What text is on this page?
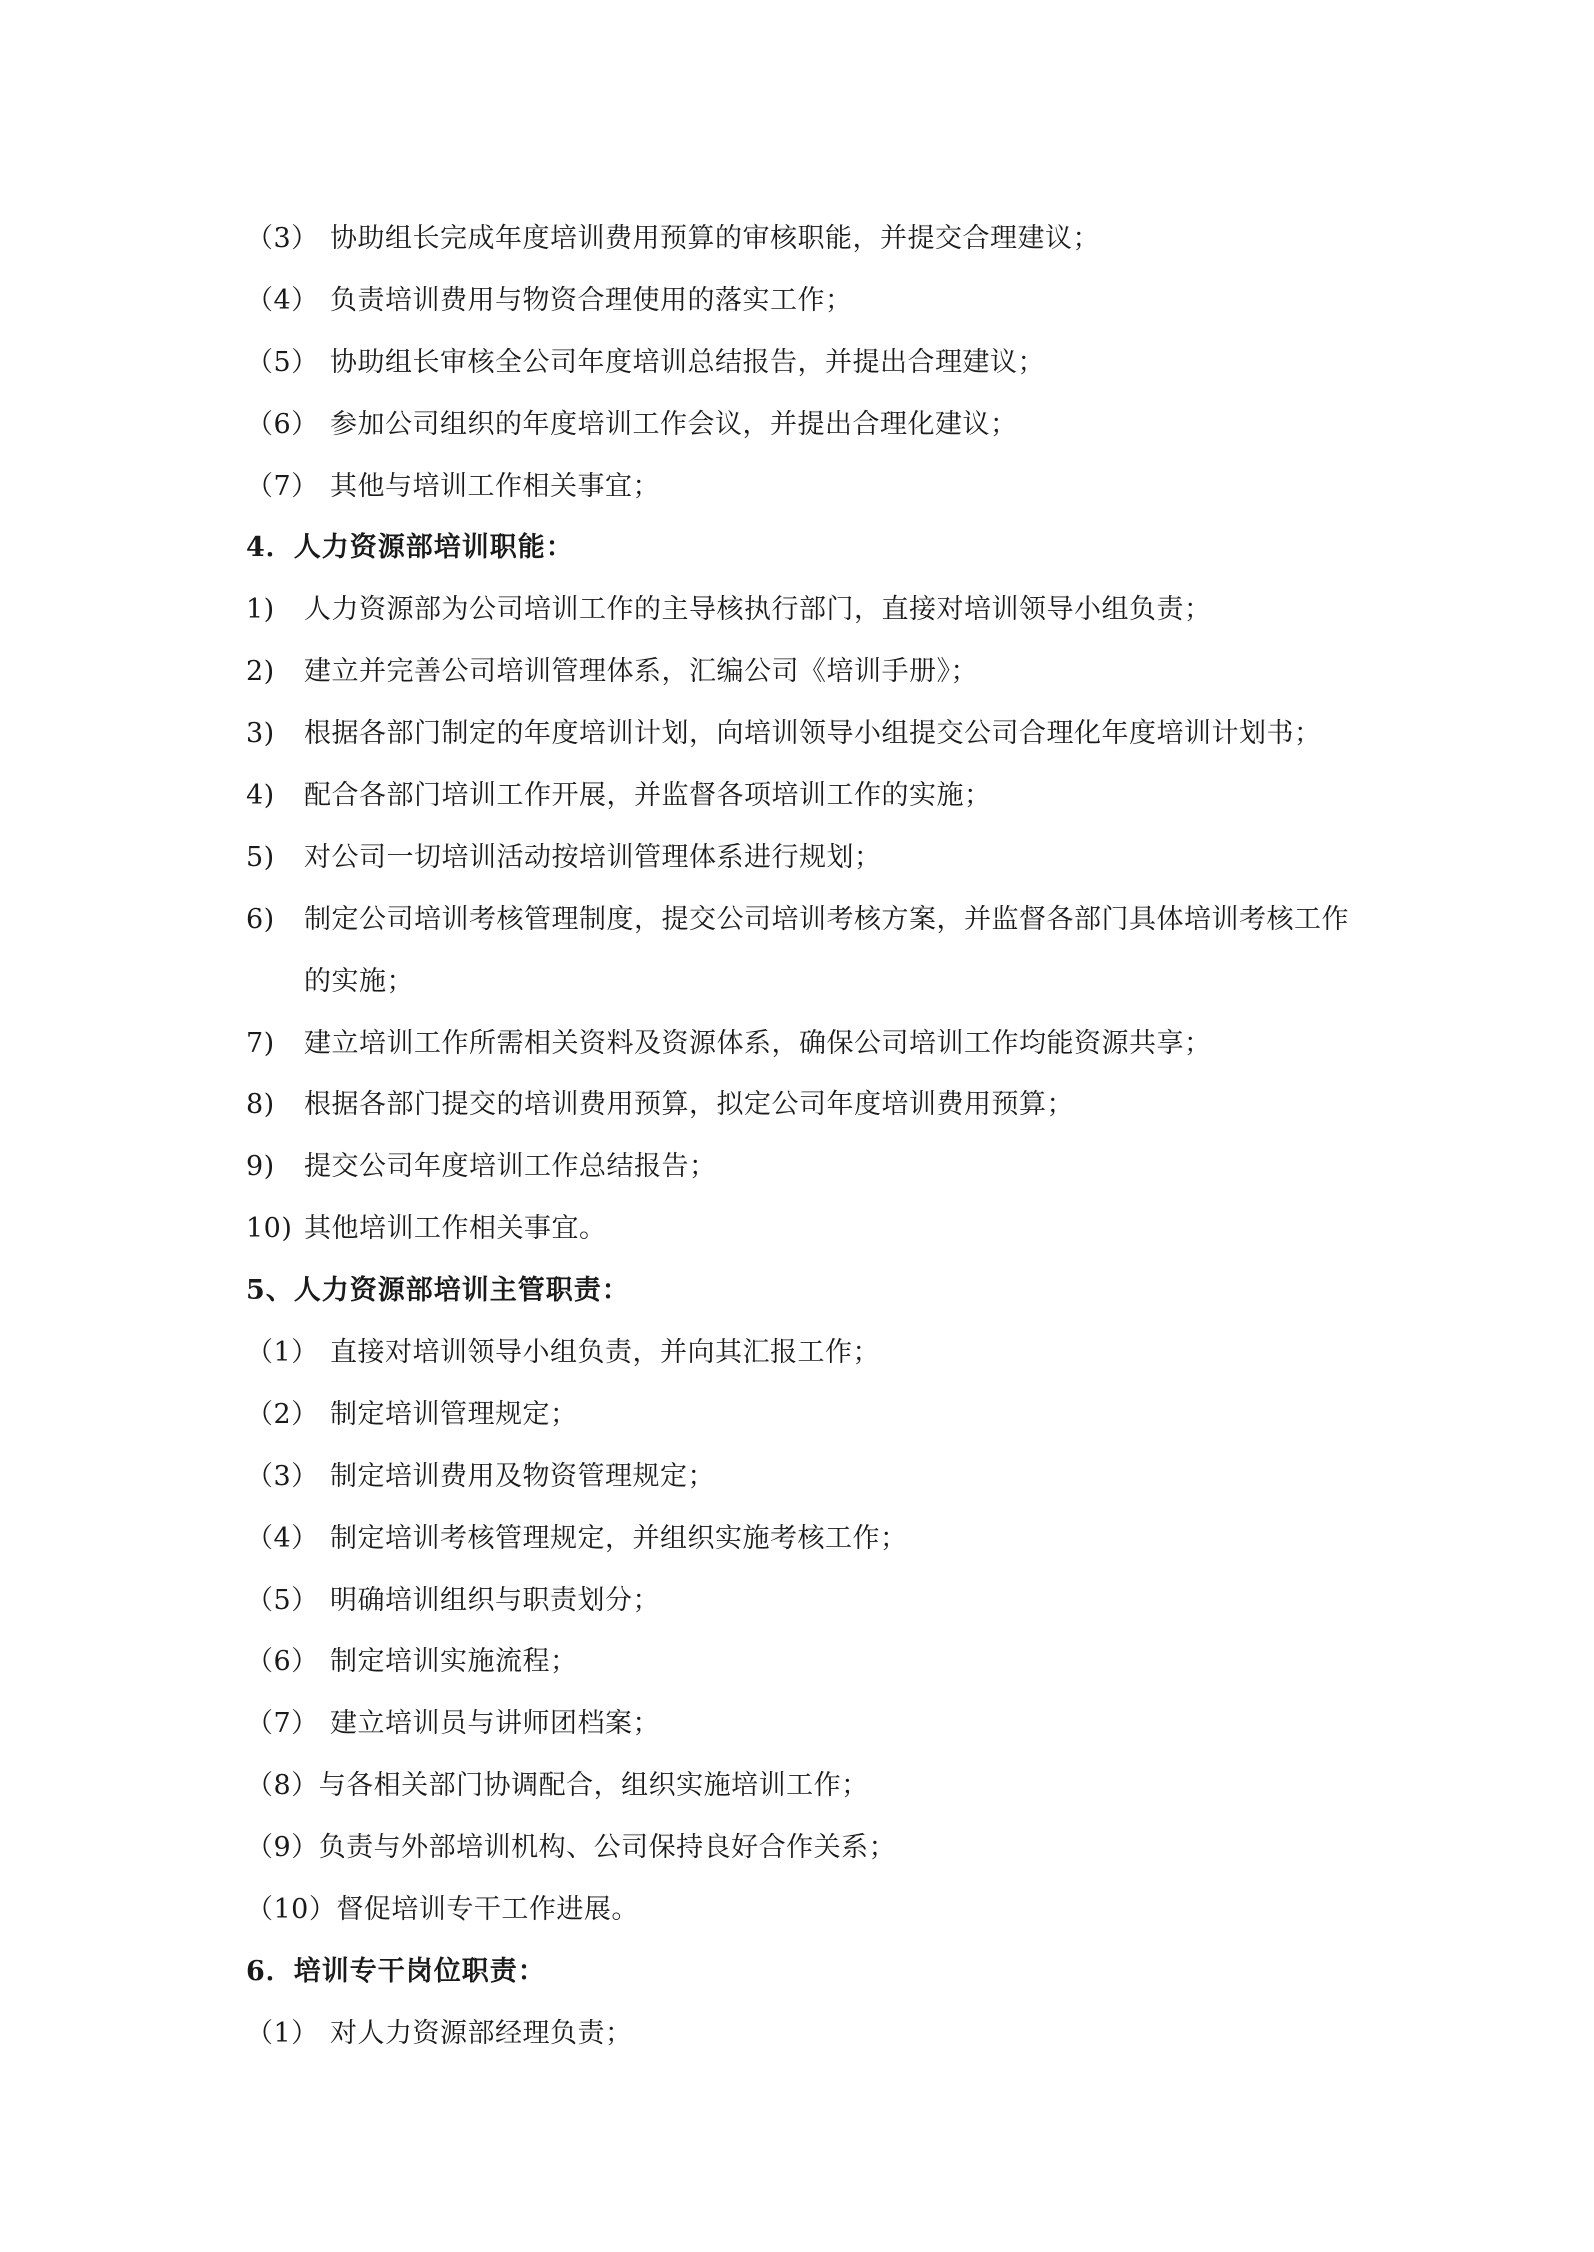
（3） 协助组长完成年度培训费用预算的审核职能，并提交合理建议；
（4） 负责培训费用与物资合理使用的落实工作；
（5） 协助组长审核全公司年度培训总结报告，并提出合理建议；
（6） 参加公司组织的年度培训工作会议，并提出合理化建议；
（7） 其他与培训工作相关事宜；
4．人力资源部培训职能：
1) 人力资源部为公司培训工作的主导核执行部门，直接对培训领导小组负责；
2) 建立并完善公司培训管理体系，汇编公司《培训手册》；
3) 根据各部门制定的年度培训计划，向培训领导小组提交公司合理化年度培训计划书；
4) 配合各部门培训工作开展，并监督各项培训工作的实施；
5) 对公司一切培训活动按培训管理体系进行规划；
6) 制定公司培训考核管理制度，提交公司培训考核方案，并监督各部门具体培训考核工作
的实施；
7) 建立培训工作所需相关资料及资源体系，确保公司培训工作均能资源共享；
8) 根据各部门提交的培训费用预算，拟定公司年度培训费用预算；
9) 提交公司年度培训工作总结报告；
10) 其他培训工作相关事宜。
5、人力资源部培训主管职责：
（1） 直接对培训领导小组负责，并向其汇报工作；
（2） 制定培训管理规定；
（3） 制定培训费用及物资管理规定；
（4） 制定培训考核管理规定，并组织实施考核工作；
（5） 明确培训组织与职责划分；
（6） 制定培训实施流程；
（7） 建立培训员与讲师团档案；
（8）与各相关部门协调配合，组织实施培训工作；
（9）负责与外部培训机构、公司保持良好合作关系；
（10）督促培训专干工作进展。
6．培训专干岗位职责：
（1） 对人力资源部经理负责；
